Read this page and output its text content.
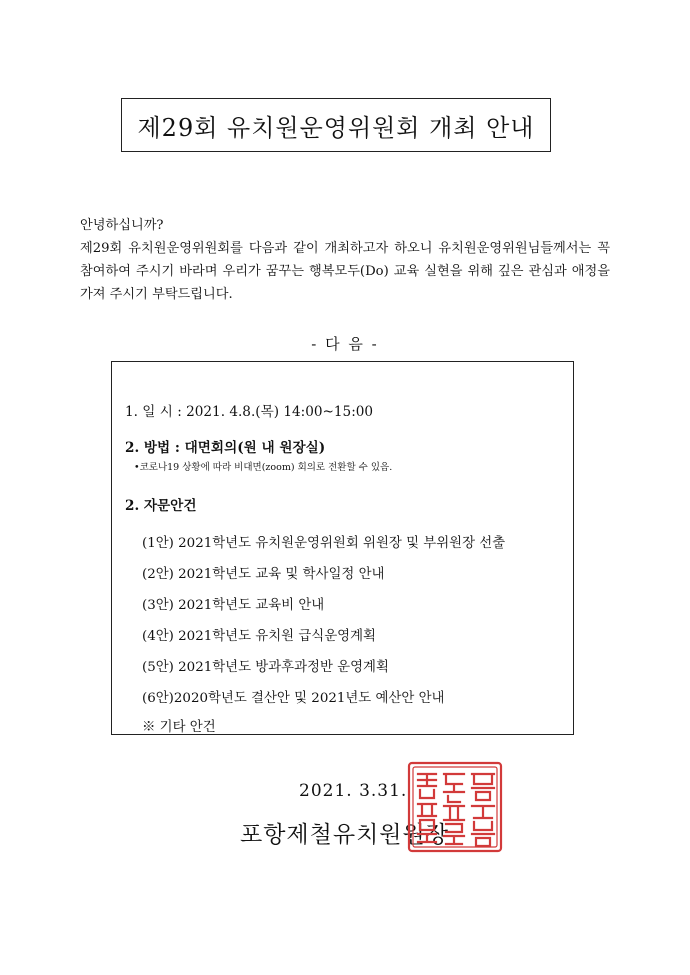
제29회 유치원운영위원회 개최 안내

안녕하십니까?

제29회 유치원운영위원회를 다음과 같이 개최하고자 하오니 유치원운영위원님들께서는 꼭 참여하여 주시기 바라며 우리가 꿈꾸는 행복모두(Do) 교육 실현을 위해 깊은 관심과 애정을 가져 주시기 부탁드립니다.

- 다 음 -
1. 일 시 : 2021. 4.8.(목) 14:00~15:00
2. 방법 : 대면회의(원 내 원장실)
•코로나19 상황에 따라 비대면(zoom) 회의로 전환할 수 있음.
2. 자문안건
(1안) 2021학년도 유치원운영위원회 위원장 및 부위원장 선출
(2안) 2021학년도 교육 및 학사일정 안내
(3안) 2021학년도 교육비 안내
(4안) 2021학년도 유치원 급식운영계획
(5안) 2021학년도 방과후과정반 운영계획
(6안)2020학년도 결산안 및 2021년도 예산안 안내
※ 기타 안건
2021. 3.31.
포항제철유치원원장
